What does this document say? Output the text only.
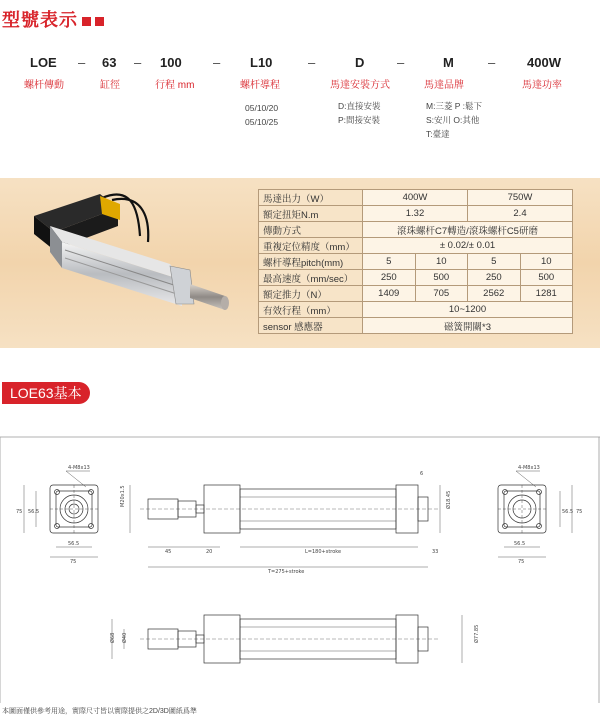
型號表示
LOE
螺杆傳動
– 63
缸徑
– 100
行程 mm
– L10
螺杆導程
–	D
馬達安裝方式
–	M
馬達品牌
– 400W
馬達功率
05/10/20
05/10/25
D:直接安裝
P:間接安裝
M:三菱 P :鬆下
S:安川 O:其他
T:臺達
馬達出力（W）	400W		750W	
額定扭矩N.m	1.32		2.4	
傳動方式	滾珠螺杆C7轉造/滾珠螺杆C5研磨			
重複定位精度（mm）	± 0.02/± 0.01			
螺杆導程pitch(mm)	5	10	5	10
最高速度（mm/sec）	250	500	250	500
額定推力（N）	1409	705	2562	1281
有效行程（mm）	10~1200			
sensor 感應器	磁簧開關*3			
LOE63基本
4-M8x13
75 56.5
56.5
75
M20x1.5
45	20	L=180+stroke
T=275+stroke
33
6
Ø18.45
4-M8x13
56.5 75
56.5
75
Ø68 Ø40	Ø77.85
本圖面僅供參考用途，實際尺寸皆以實際提供之2D/3D圖紙爲準
